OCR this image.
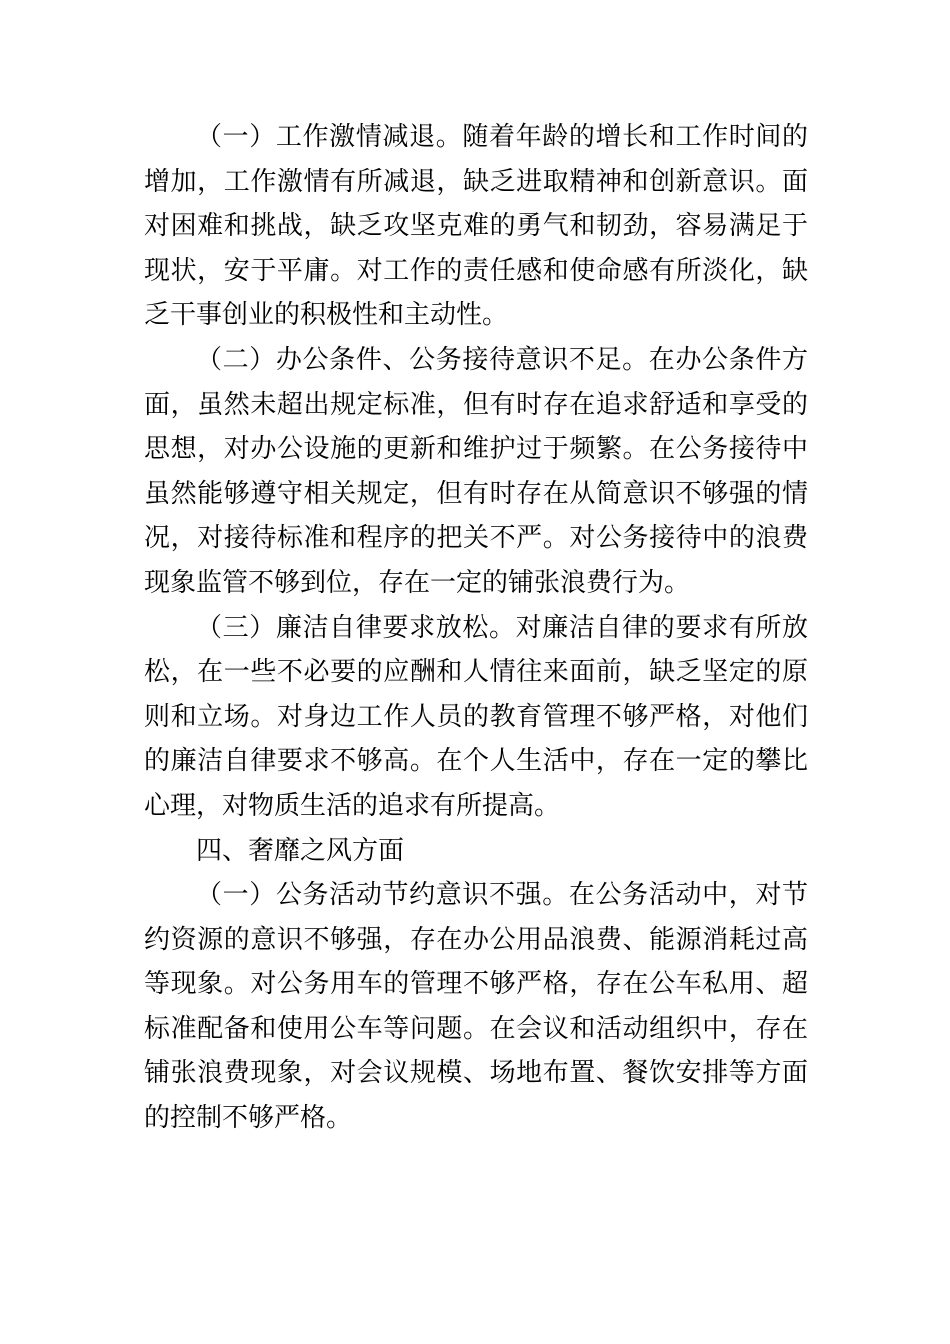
（一）工作激情减退。随着年龄的增长和工作时间的增加，工作激情有所减退，缺乏进取精神和创新意识。面对困难和挑战，缺乏攻坚克难的勇气和韧劲，容易满足于现状，安于平庸。对工作的责任感和使命感有所淡化，缺乏干事创业的积极性和主动性。

（二）办公条件、公务接待意识不足。在办公条件方面，虽然未超出规定标准，但有时存在追求舒适和享受的思想，对办公设施的更新和维护过于频繁。在公务接待中虽然能够遵守相关规定，但有时存在从简意识不够强的情况，对接待标准和程序的把关不严。对公务接待中的浪费现象监管不够到位，存在一定的铺张浪费行为。

（三）廉洁自律要求放松。对廉洁自律的要求有所放松，在一些不必要的应酬和人情往来面前，缺乏坚定的原则和立场。对身边工作人员的教育管理不够严格，对他们的廉洁自律要求不够高。在个人生活中，存在一定的攀比心理，对物质生活的追求有所提高。

四、奢靡之风方面

（一）公务活动节约意识不强。在公务活动中，对节约资源的意识不够强，存在办公用品浪费、能源消耗过高等现象。对公务用车的管理不够严格，存在公车私用、超标准配备和使用公车等问题。在会议和活动组织中，存在铺张浪费现象，对会议规模、场地布置、餐饮安排等方面的控制不够严格。
